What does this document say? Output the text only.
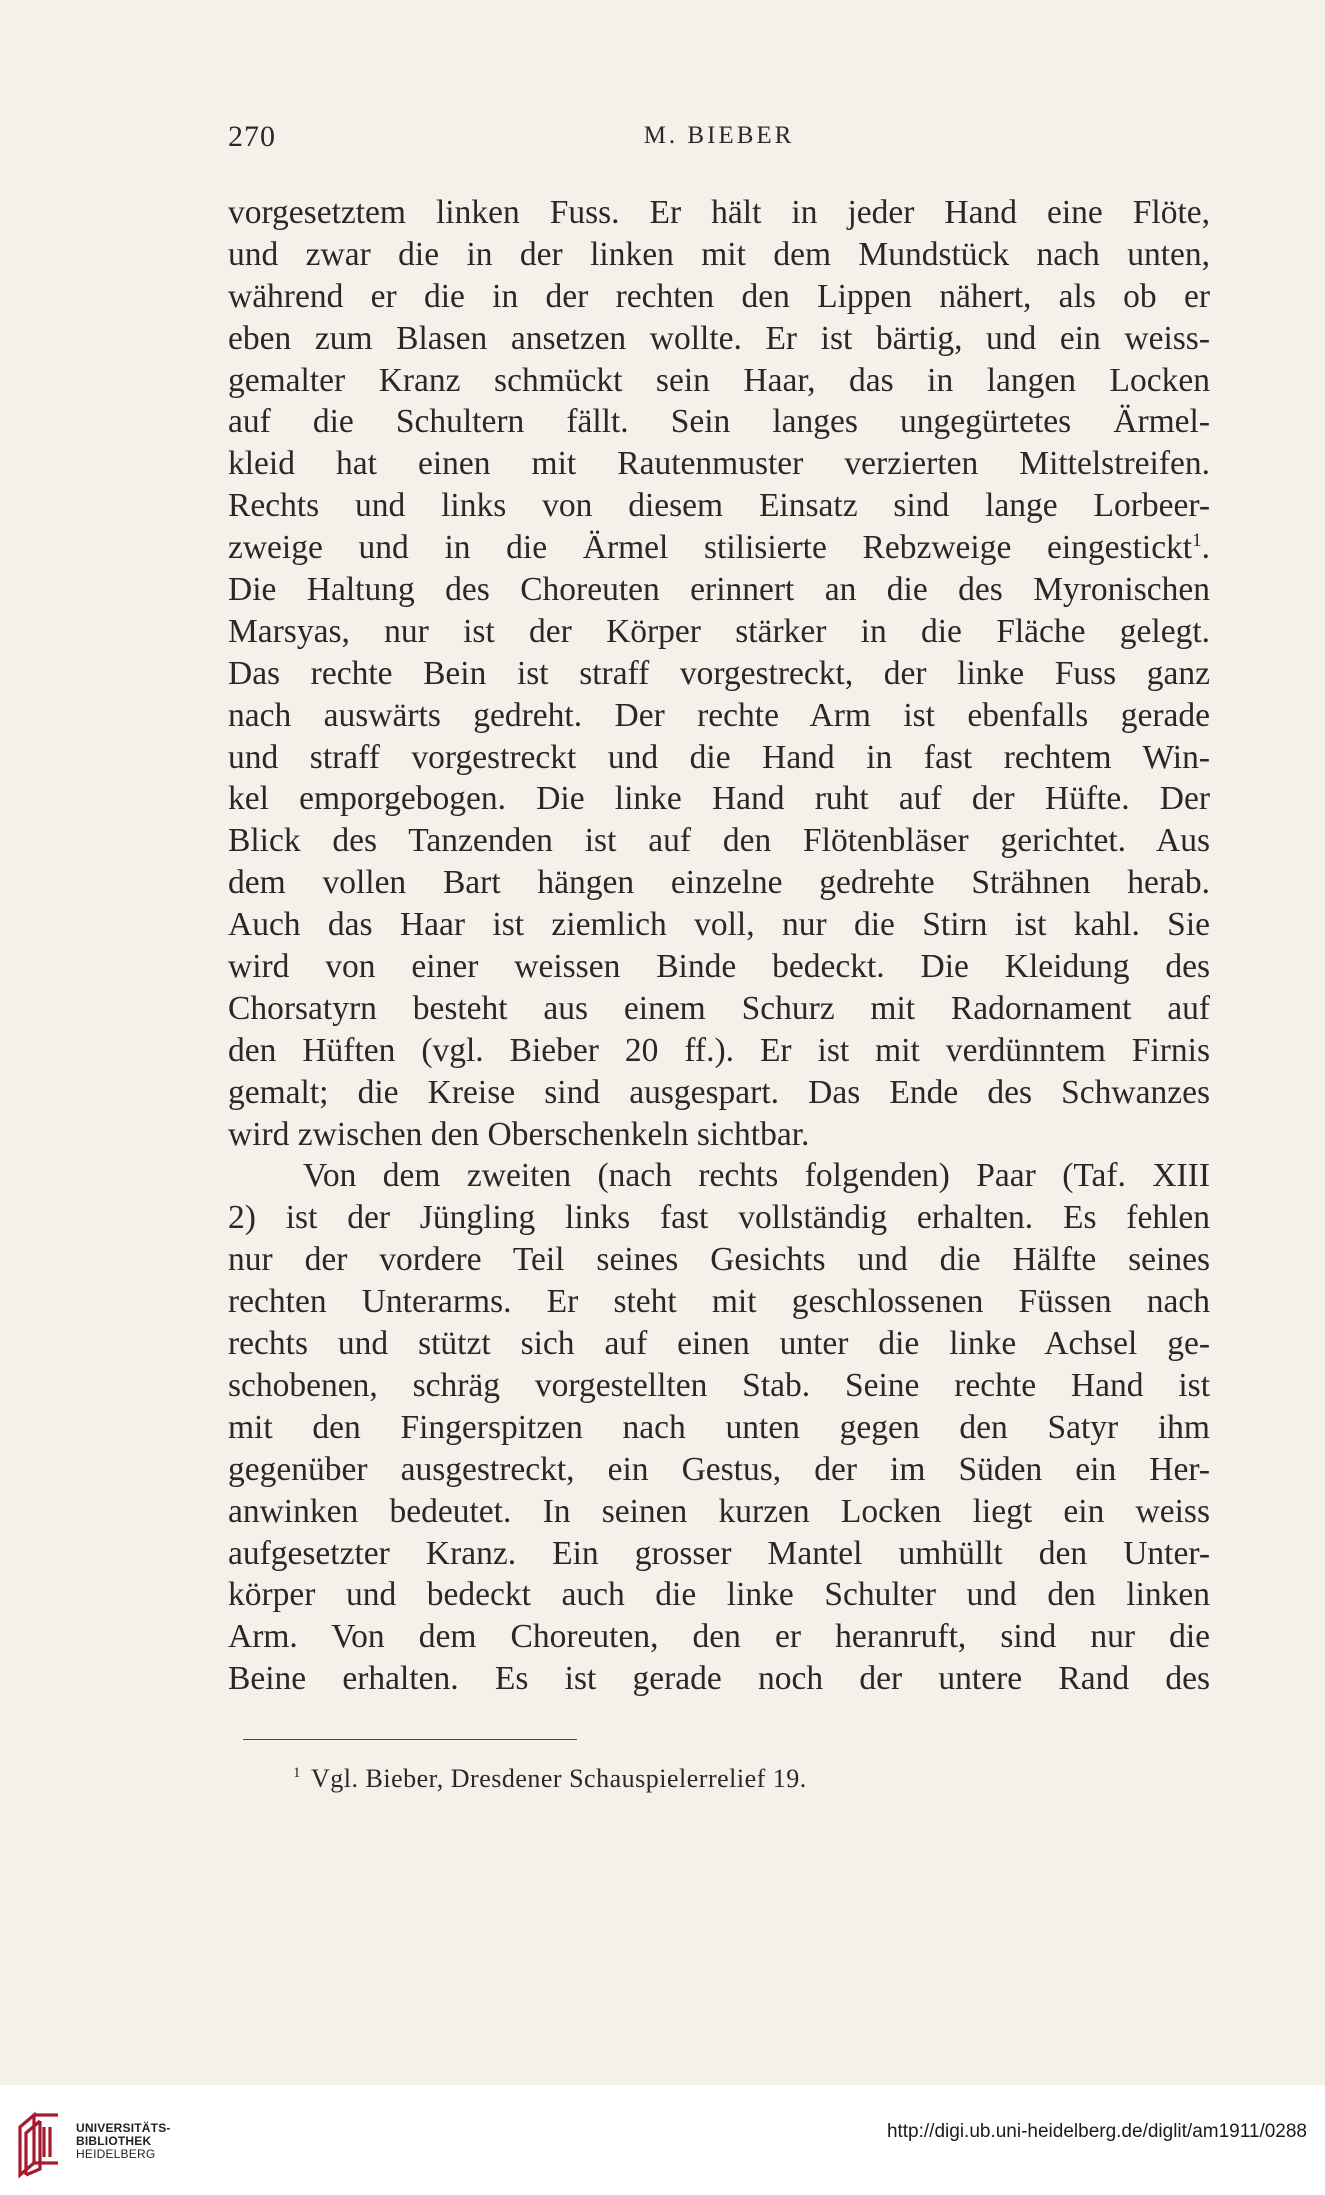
270	M. BIEBER
vorgesetztem linken Fuss. Er hält in jeder Hand eine Flöte,
und zwar die in der linken mit dem Mundstück nach unten,
während er die in der rechten den Lippen nähert, als ob er
eben zum Blasen ansetzen wollte. Er ist bärtig, und ein weiss-
gemalter Kranz schmückt sein Haar, das in langen Locken
auf die Schultern fällt. Sein langes ungegürtetes Ärmel-
kleid hat einen mit Rautenmuster verzierten Mittelstreifen.
Rechts und links von diesem Einsatz sind lange Lorbeer-
zweige und in die Ärmel stilisierte Rebzweige eingestickt$^1$.
Die Haltung des Choreuten erinnert an die des Myronischen
Marsyas, nur ist der Körper stärker in die Fläche gelegt.
Das rechte Bein ist straff vorgestreckt, der linke Fuss ganz
nach auswärts gedreht. Der rechte Arm ist ebenfalls gerade
und straff vorgestreckt und die Hand in fast rechtem Win-
kel emporgebogen. Die linke Hand ruht auf der Hüfte. Der
Blick des Tanzenden ist auf den Flötenbläser gerichtet. Aus
dem vollen Bart hängen einzelne gedrehte Strähnen herab.
Auch das Haar ist ziemlich voll, nur die Stirn ist kahl. Sie
wird von einer weissen Binde bedeckt. Die Kleidung des
Chorsatyrn besteht aus einem Schurz mit Radornament auf
den Hüften (vgl. Bieber 20 ff.). Er ist mit verdünntem Firnis
gemalt; die Kreise sind ausgespart. Das Ende des Schwanzes
wird zwischen den Oberschenkeln sichtbar.
Von dem zweiten (nach rechts folgenden) Paar (Taf. XIII
2) ist der Jüngling links fast vollständig erhalten. Es fehlen
nur der vordere Teil seines Gesichts und die Hälfte seines
rechten Unterarms. Er steht mit geschlossenen Füssen nach
rechts und stützt sich auf einen unter die linke Achsel ge-
schobenen, schräg vorgestellten Stab. Seine rechte Hand ist
mit den Fingerspitzen nach unten gegen den Satyr ihm
gegenüber ausgestreckt, ein Gestus, der im Süden ein Her-
anwinken bedeutet. In seinen kurzen Locken liegt ein weiss
aufgesetzter Kranz. Ein grosser Mantel umhüllt den Unter-
körper und bedeckt auch die linke Schulter und den linken
Arm. Von dem Choreuten, den er heranruft, sind nur die
Beine erhalten. Es ist gerade noch der untere Rand des
$^1$ Vgl. Bieber, Dresdener Schauspielerrelief 19.
UNIVERSITÄTS-
BIBLIOTHEK
HEIDELBERG
http://digi.ub.uni-heidelberg.de/diglit/am1911/0288
